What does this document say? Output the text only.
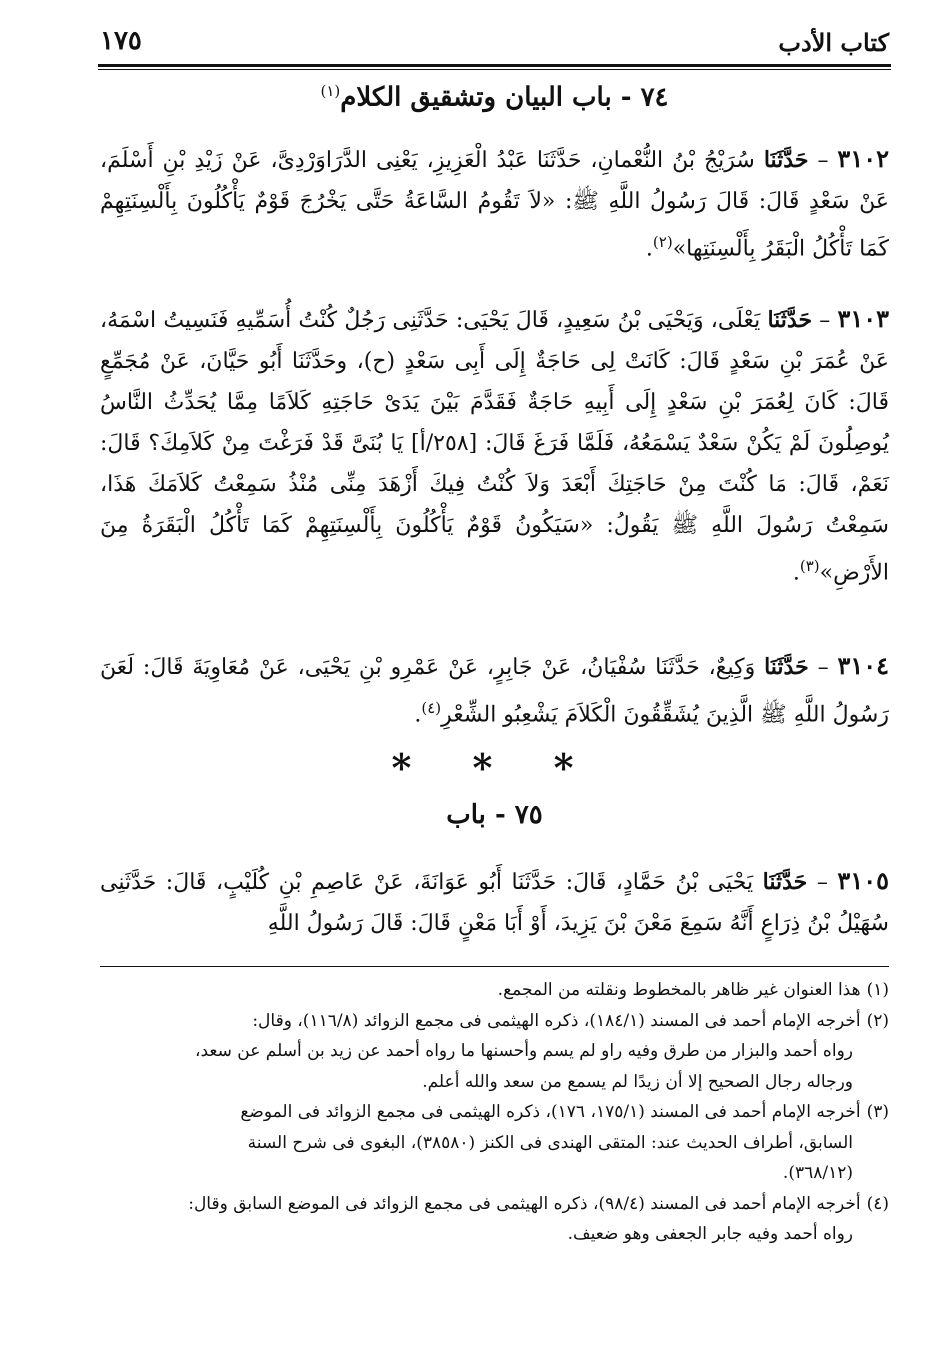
١٧٥	كتاب الأدب
٧٤ - باب البيان وتشقيق الكلام$^{(١)}$

٣١٠٢ – حَدَّثَنَا سُرَيْجُ بْنُ النُّعْمانِ، حَدَّثَنَا عَبْدُ الْعَزِيزِ، يَعْنِى الدَّرَاوَرْدِىَّ، عَنْ زَيْدِ بْنِ أَسْلَمَ، عَنْ سَعْدٍ قَالَ: قَالَ رَسُولُ اللَّهِ ﷺ: «لاَ تَقُومُ السَّاعَةُ حَتَّى يَخْرُجَ قَوْمٌ يَأْكُلُونَ بِأَلْسِنَتِهِمْ كَمَا تَأْكُلُ الْبَقَرُ بِأَلْسِنَتِها»$^{(٢)}$.

٣١٠٣ – حَدَّثَنَا يَعْلَى، وَيَحْيَى بْنُ سَعِيدٍ، قَالَ يَحْيَى: حَدَّثَنِى رَجُلٌ كُنْتُ أُسَمِّيهِ فَنَسِيتُ اسْمَهُ، عَنْ عُمَرَ بْنِ سَعْدٍ قَالَ: كَانَتْ لِى حَاجَةٌ إِلَى أَبِى سَعْدٍ (ح)، وحَدَّثَنَا أَبُو حَيَّانَ، عَنْ مُجَمِّعٍ قَالَ: كَانَ لِعُمَرَ بْنِ سَعْدٍ إِلَى أَبِيهِ حَاجَةٌ فَقَدَّمَ بَيْنَ يَدَىْ حَاجَتِهِ كَلاَمًا مِمَّا يُحَدِّثُ النَّاسُ يُوصِلُونَ لَمْ يَكُنْ سَعْدٌ يَسْمَعُهُ، فَلَمَّا فَرَغَ قَالَ: [٢٥٨/أ] يَا بُنَىَّ قَدْ فَرَغْتَ مِنْ كَلاَمِكَ؟ قَالَ: نَعَمْ، قَالَ: مَا كُنْتَ مِنْ حَاجَتِكَ أَبْعَدَ وَلاَ كُنْتُ فِيكَ أَزْهَدَ مِنِّى مُنْذُ سَمِعْتُ كَلاَمَكَ هَذَا، سَمِعْتُ رَسُولَ اللَّهِ ﷺ يَقُولُ: «سَيَكُونُ قَوْمٌ يَأْكُلُونَ بِأَلْسِنَتِهِمْ كَمَا تَأْكُلُ الْبَقَرَةُ مِنَ الأَرْضِ»$^{(٣)}$.

٣١٠٤ – حَدَّثَنَا وَكِيعٌ، حَدَّثَنَا سُفْيَانُ، عَنْ جَابِرٍ، عَنْ عَمْرِو بْنِ يَحْيَى، عَنْ مُعَاوِيَةَ قَالَ: لَعَنَ رَسُولُ اللَّهِ ﷺ الَّذِينَ يُشَقِّقُونَ الْكَلاَمَ يَشْعِبُو الشِّعْرِ$^{(٤)}$.

* * *
٧٥ - باب

٣١٠٥ – حَدَّثَنَا يَحْيَى بْنُ حَمَّادٍ، قَالَ: حَدَّثَنَا أَبُو عَوَانَةَ، عَنْ عَاصِمِ بْنِ كُلَيْبٍ، قَالَ: حَدَّثَنِى سُهَيْلُ بْنُ ذِرَاعٍ أَنَّهُ سَمِعَ مَعْنَ بْنَ يَزِيدَ، أَوْ أَبَا مَعْنٍ قَالَ: قَالَ رَسُولُ اللَّهِ

(١)هذا العنوان غير ظاهر بالمخطوط ونقلته من المجمع.

(٢)أخرجه الإمام أحمد فى المسند (١٨٤/١)، ذكره الهيثمى فى مجمع الزوائد (١١٦/٨)، وقال:

رواه أحمد والبزار من طرق وفيه راو لم يسم وأحسنها ما رواه أحمد عن زيد بن أسلم عن سعد،

ورجاله رجال الصحيح إلا أن زيدًا لم يسمع من سعد والله أعلم.

(٣)أخرجه الإمام أحمد فى المسند (١٧٥/١، ١٧٦)، ذكره الهيثمى فى مجمع الزوائد فى الموضع

السابق، أطراف الحديث عند: المتقى الهندى فى الكنز (٣٨٥٨٠)، البغوى فى شرح السنة

(٣٦٨/١٢).

(٤)أخرجه الإمام أحمد فى المسند (٩٨/٤)، ذكره الهيثمى فى مجمع الزوائد فى الموضع السابق وقال:

رواه أحمد وفيه جابر الجعفى وهو ضعيف.
